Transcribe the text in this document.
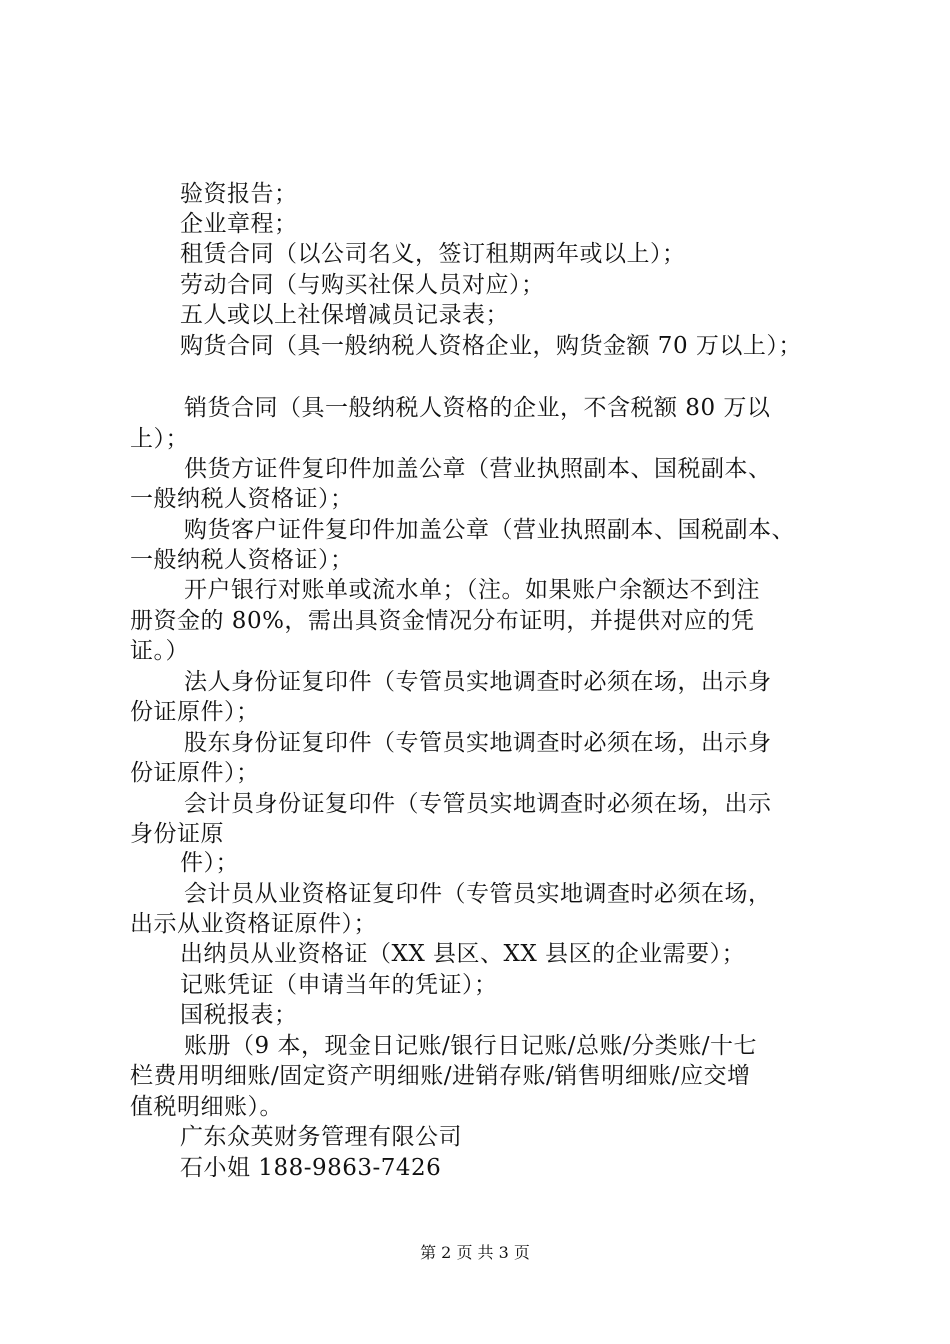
验资报告；
企业章程；
租赁合同（以公司名义，签订租期两年或以上）；
劳动合同（与购买社保人员对应）；
五人或以上社保增减员记录表；
购货合同（具一般纳税人资格企业，购货金额 70 万以上）；
销货合同（具一般纳税人资格的企业，不含税额 80 万以
上）；
供货方证件复印件加盖公章（营业执照副本、国税副本、
一般纳税人资格证）；
购货客户证件复印件加盖公章（营业执照副本、国税副本、
一般纳税人资格证）；
开户银行对账单或流水单；（注。如果账户余额达不到注
册资金的 80%，需出具资金情况分布证明，并提供对应的凭
证。）
法人身份证复印件（专管员实地调查时必须在场，出示身
份证原件）；
股东身份证复印件（专管员实地调查时必须在场，出示身
份证原件）；
会计员身份证复印件（专管员实地调查时必须在场，出示
身份证原
件）；
会计员从业资格证复印件（专管员实地调查时必须在场，
出示从业资格证原件）；
出纳员从业资格证（XX 县区、XX 县区的企业需要）；
记账凭证（申请当年的凭证）；
国税报表；
账册（9 本，现金日记账/银行日记账/总账/分类账/十七
栏费用明细账/固定资产明细账/进销存账/销售明细账/应交增
值税明细账）。
广东众英财务管理有限公司
石小姐 188-9863-7426
第 2 页 共 3 页
